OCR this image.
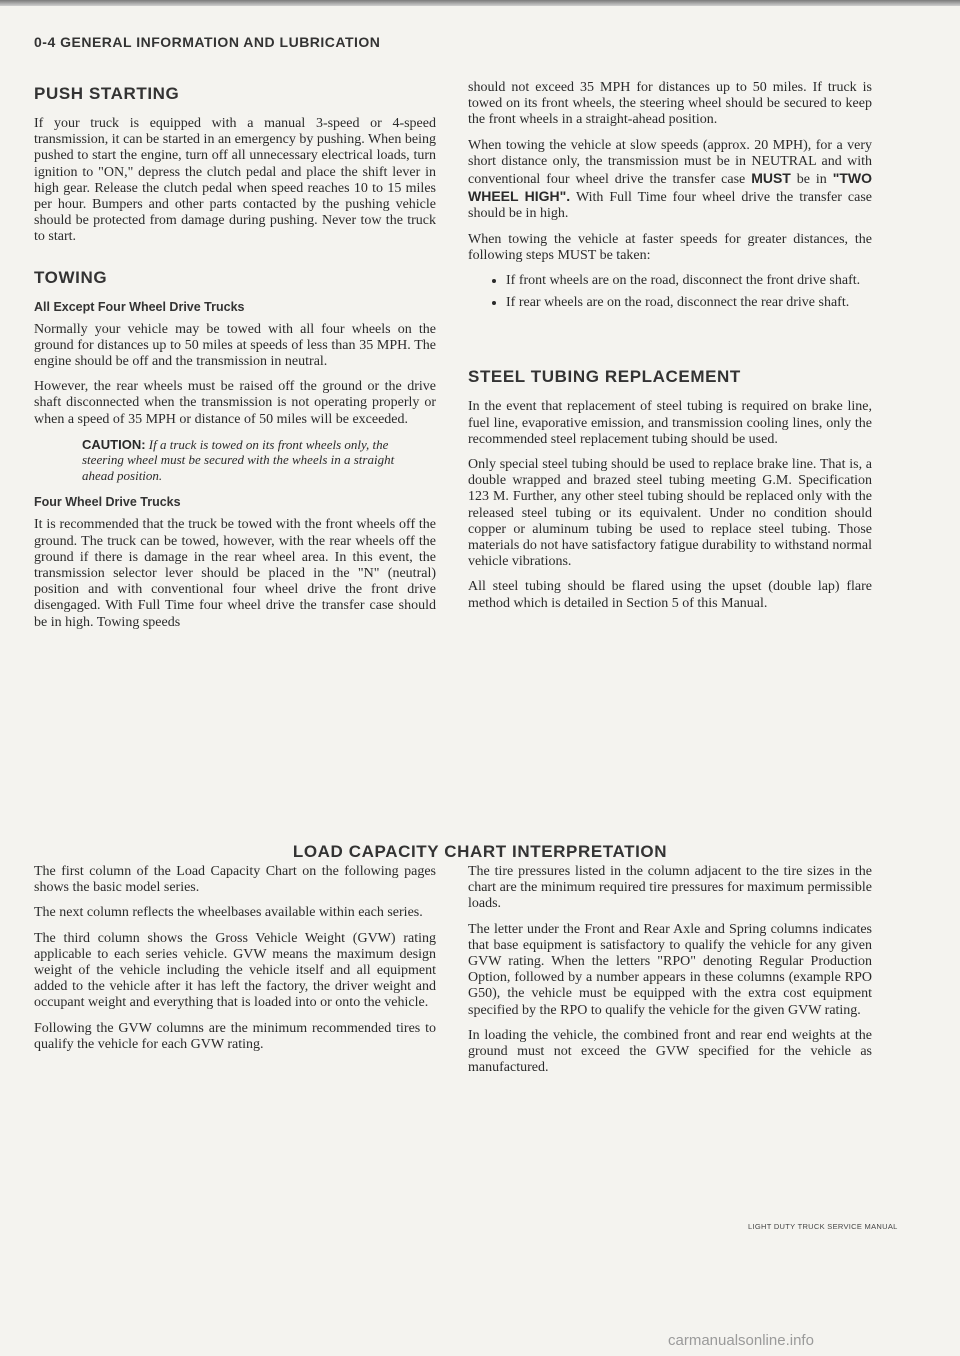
0-4 GENERAL INFORMATION AND LUBRICATION
PUSH STARTING

If your truck is equipped with a manual 3-speed or 4-speed transmission, it can be started in an emergency by pushing. When being pushed to start the engine, turn off all unnecessary electrical loads, turn ignition to "ON," depress the clutch pedal and place the shift lever in high gear. Release the clutch pedal when speed reaches 10 to 15 miles per hour. Bumpers and other parts contacted by the pushing vehicle should be protected from damage during pushing. Never tow the truck to start.

TOWING
All Except Four Wheel Drive Trucks

Normally your vehicle may be towed with all four wheels on the ground for distances up to 50 miles at speeds of less than 35 MPH. The engine should be off and the transmission in neutral.

However, the rear wheels must be raised off the ground or the drive shaft disconnected when the transmission is not operating properly or when a speed of 35 MPH or distance of 50 miles will be exceeded.

CAUTION: If a truck is towed on its front wheels only, the steering wheel must be secured with the wheels in a straight ahead position.
Four Wheel Drive Trucks

It is recommended that the truck be towed with the front wheels off the ground. The truck can be towed, however, with the rear wheels off the ground if there is damage in the rear wheel area. In this event, the transmission selector lever should be placed in the "N" (neutral) position and with conventional four wheel drive the front drive disengaged. With Full Time four wheel drive the transfer case should be in high. Towing speeds

should not exceed 35 MPH for distances up to 50 miles. If truck is towed on its front wheels, the steering wheel should be secured to keep the front wheels in a straight-ahead position.

When towing the vehicle at slow speeds (approx. 20 MPH), for a very short distance only, the transmission must be in NEUTRAL and with conventional four wheel drive the transfer case MUST be in "TWO WHEEL HIGH". With Full Time four wheel drive the transfer case should be in high.

When towing the vehicle at faster speeds for greater distances, the following steps MUST be taken:

• If front wheels are on the road, disconnect the front drive shaft.
• If rear wheels are on the road, disconnect the rear drive shaft.
STEEL TUBING REPLACEMENT

In the event that replacement of steel tubing is required on brake line, fuel line, evaporative emission, and transmission cooling lines, only the recommended steel replacement tubing should be used.

Only special steel tubing should be used to replace brake line. That is, a double wrapped and brazed steel tubing meeting G.M. Specification 123 M. Further, any other steel tubing should be replaced only with the released steel tubing or its equivalent. Under no condition should copper or aluminum tubing be used to replace steel tubing. Those materials do not have satisfactory fatigue durability to withstand normal vehicle vibrations.

All steel tubing should be flared using the upset (double lap) flare method which is detailed in Section 5 of this Manual.

LOAD CAPACITY CHART INTERPRETATION

The first column of the Load Capacity Chart on the following pages shows the basic model series.

The next column reflects the wheelbases available within each series.

The third column shows the Gross Vehicle Weight (GVW) rating applicable to each series vehicle. GVW means the maximum design weight of the vehicle including the vehicle itself and all equipment added to the vehicle after it has left the factory, the driver weight and occupant weight and everything that is loaded into or onto the vehicle.

Following the GVW columns are the minimum recommended tires to qualify the vehicle for each GVW rating.

The tire pressures listed in the column adjacent to the tire sizes in the chart are the minimum required tire pressures for maximum permissible loads.

The letter under the Front and Rear Axle and Spring columns indicates that base equipment is satisfactory to qualify the vehicle for any given GVW rating. When the letters "RPO" denoting Regular Production Option, followed by a number appears in these columns (example RPO G50), the vehicle must be equipped with the extra cost equipment specified by the RPO to qualify the vehicle for the given GVW rating.

In loading the vehicle, the combined front and rear end weights at the ground must not exceed the GVW specified for the vehicle as manufactured.

LIGHT DUTY TRUCK SERVICE MANUAL
carmanualsonline.info
